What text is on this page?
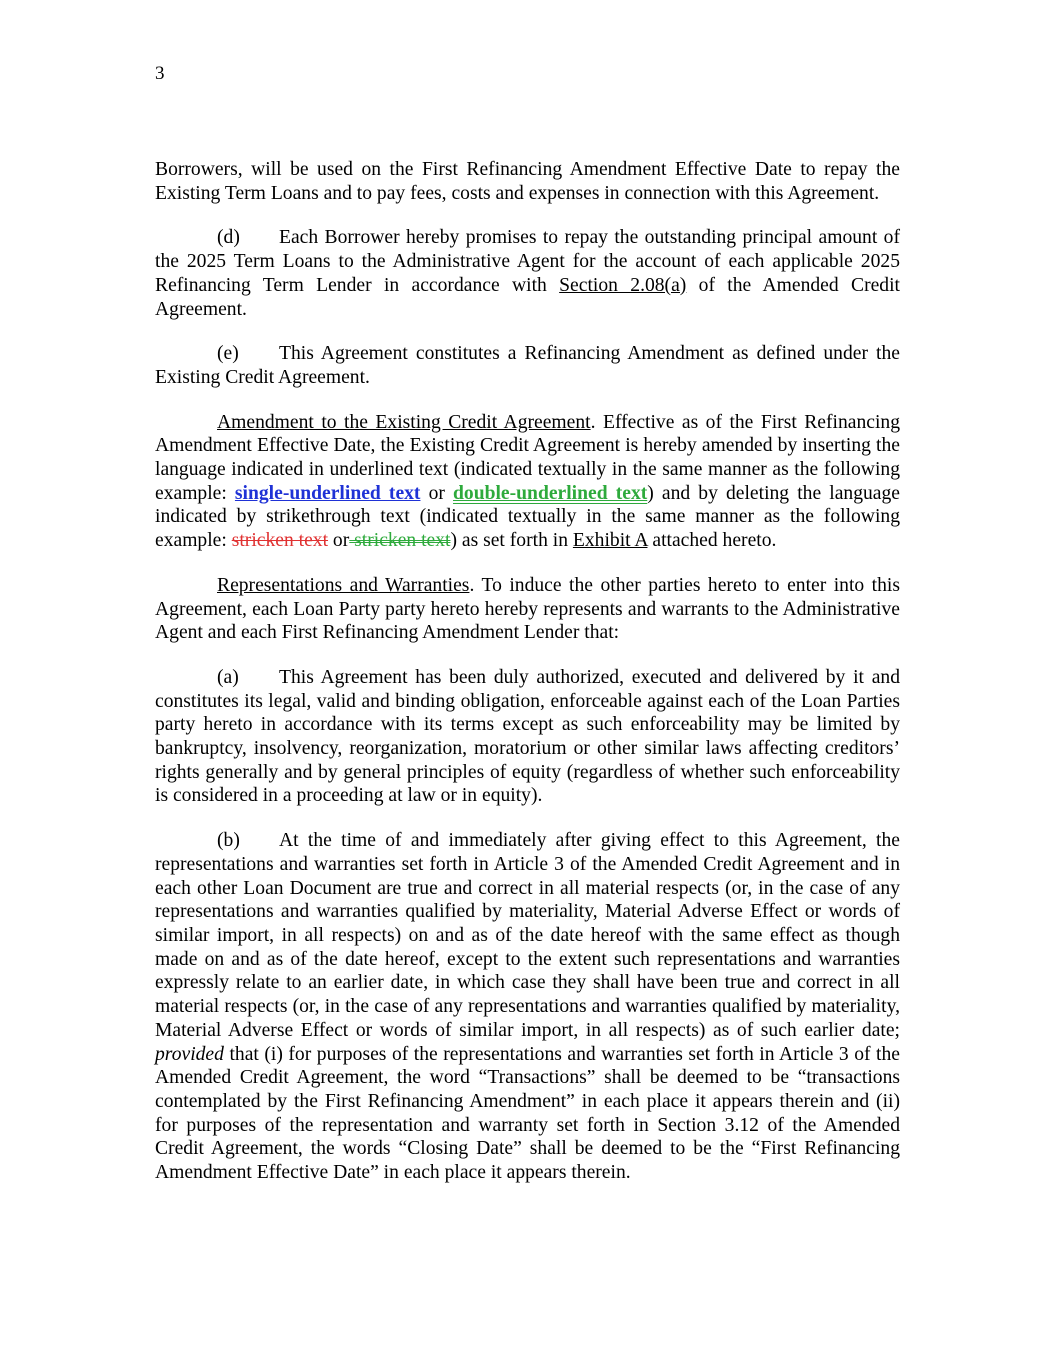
3

Borrowers, will be used on the First Refinancing Amendment Effective Date to repay the Existing Term Loans and to pay fees, costs and expenses in connection with this Agreement.

(d) Each Borrower hereby promises to repay the outstanding principal amount of the 2025 Term Loans to the Administrative Agent for the account of each applicable 2025 Refinancing Term Lender in accordance with Section 2.08(a) of the Amended Credit Agreement.

(e) This Agreement constitutes a Refinancing Amendment as defined under the Existing Credit Agreement.

Amendment to the Existing Credit Agreement. Effective as of the First Refinancing Amendment Effective Date, the Existing Credit Agreement is hereby amended by inserting the language indicated in underlined text (indicated textually in the same manner as the following example: single-underlined text or double-underlined text) and by deleting the language indicated by strikethrough text (indicated textually in the same manner as the following example: stricken text or stricken text) as set forth in Exhibit A attached hereto.

Representations and Warranties. To induce the other parties hereto to enter into this Agreement, each Loan Party party hereto hereby represents and warrants to the Administrative Agent and each First Refinancing Amendment Lender that:

(a) This Agreement has been duly authorized, executed and delivered by it and constitutes its legal, valid and binding obligation, enforceable against each of the Loan Parties party hereto in accordance with its terms except as such enforceability may be limited by bankruptcy, insolvency, reorganization, moratorium or other similar laws affecting creditors’ rights generally and by general principles of equity (regardless of whether such enforceability is considered in a proceeding at law or in equity).

(b) At the time of and immediately after giving effect to this Agreement, the representations and warranties set forth in Article 3 of the Amended Credit Agreement and in each other Loan Document are true and correct in all material respects (or, in the case of any representations and warranties qualified by materiality, Material Adverse Effect or words of similar import, in all respects) on and as of the date hereof with the same effect as though made on and as of the date hereof, except to the extent such representations and warranties expressly relate to an earlier date, in which case they shall have been true and correct in all material respects (or, in the case of any representations and warranties qualified by materiality, Material Adverse Effect or words of similar import, in all respects) as of such earlier date; provided that (i) for purposes of the representations and warranties set forth in Article 3 of the Amended Credit Agreement, the word “Transactions” shall be deemed to be “transactions contemplated by the First Refinancing Amendment” in each place it appears therein and (ii) for purposes of the representation and warranty set forth in Section 3.12 of the Amended Credit Agreement, the words “Closing Date” shall be deemed to be the “First Refinancing Amendment Effective Date” in each place it appears therein.
